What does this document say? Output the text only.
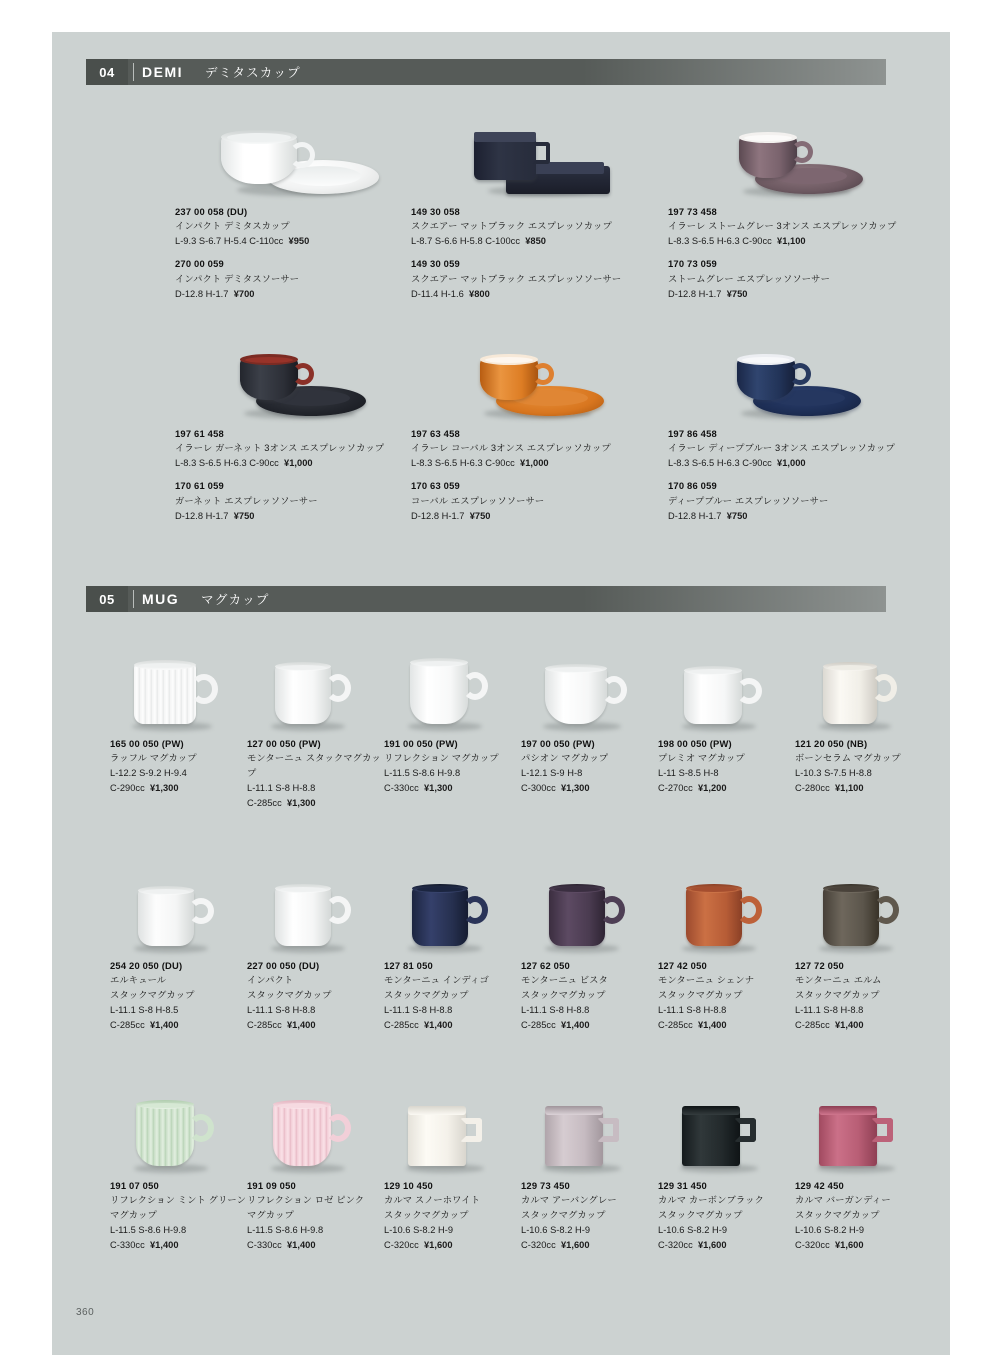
04	DEMI デミタスカップ
237 00 058 (DU)
インパクト デミタスカップ
L-9.3 S-6.7 H-5.4 C-110cc ¥950
270 00 059
インパクト デミタスソーサー
D-12.8 H-1.7 ¥700
149 30 058
スクエアー マットブラック エスプレッソカップ
L-8.7 S-6.6 H-5.8 C-100cc ¥850
149 30 059
スクエアー マットブラック エスプレッソソーサー
D-11.4 H-1.6 ¥800
197 73 458
イラーレ ストームグレー 3オンス エスプレッソカップ
L-8.3 S-6.5 H-6.3 C-90cc ¥1,100
170 73 059
ストームグレー エスプレッソソーサー
D-12.8 H-1.7 ¥750
197 61 458
イラーレ ガーネット 3オンス エスプレッソカップ
L-8.3 S-6.5 H-6.3 C-90cc ¥1,000
170 61 059
ガーネット エスプレッソソーサー
D-12.8 H-1.7 ¥750
197 63 458
イラーレ コーバル 3オンス エスプレッソカップ
L-8.3 S-6.5 H-6.3 C-90cc ¥1,000
170 63 059
コーバル エスプレッソソーサー
D-12.8 H-1.7 ¥750
197 86 458
イラーレ ディープブルー 3オンス エスプレッソカップ
L-8.3 S-6.5 H-6.3 C-90cc ¥1,000
170 86 059
ディープブルー エスプレッソソーサー
D-12.8 H-1.7 ¥750
05	MUG マグカップ
165 00 050 (PW)
ラッフル マグカップ
L-12.2 S-9.2 H-9.4
C-290cc ¥1,300
127 00 050 (PW)
モンターニュ スタックマグカップ
L-11.1 S-8 H-8.8
C-285cc ¥1,300
191 00 050 (PW)
リフレクション マグカップ
L-11.5 S-8.6 H-9.8
C-330cc ¥1,300
197 00 050 (PW)
パシオン マグカップ
L-12.1 S-9 H-8
C-300cc ¥1,300
198 00 050 (PW)
プレミオ マグカップ
L-11 S-8.5 H-8
C-270cc ¥1,200
121 20 050 (NB)
ボーンセラム マグカップ
L-10.3 S-7.5 H-8.8
C-280cc ¥1,100
254 20 050 (DU)
エルキュール
スタックマグカップ
L-11.1 S-8 H-8.5
C-285cc ¥1,400
227 00 050 (DU)
インパクト
スタックマグカップ
L-11.1 S-8 H-8.8
C-285cc ¥1,400
127 81 050
モンターニュ インディゴ
スタックマグカップ
L-11.1 S-8 H-8.8
C-285cc ¥1,400
127 62 050
モンターニュ ビスタ
スタックマグカップ
L-11.1 S-8 H-8.8
C-285cc ¥1,400
127 42 050
モンターニュ シェンナ
スタックマグカップ
L-11.1 S-8 H-8.8
C-285cc ¥1,400
127 72 050
モンターニュ エルム
スタックマグカップ
L-11.1 S-8 H-8.8
C-285cc ¥1,400
191 07 050
リフレクション ミント グリーン
マグカップ
L-11.5 S-8.6 H-9.8
C-330cc ¥1,400
191 09 050
リフレクション ロゼ ピンク
マグカップ
L-11.5 S-8.6 H-9.8
C-330cc ¥1,400
129 10 450
カルマ スノーホワイト
スタックマグカップ
L-10.6 S-8.2 H-9
C-320cc ¥1,600
129 73 450
カルマ アーバングレー
スタックマグカップ
L-10.6 S-8.2 H-9
C-320cc ¥1,600
129 31 450
カルマ カーボンブラック
スタックマグカップ
L-10.6 S-8.2 H-9
C-320cc ¥1,600
129 42 450
カルマ バーガンディー
スタックマグカップ
L-10.6 S-8.2 H-9
C-320cc ¥1,600
360
